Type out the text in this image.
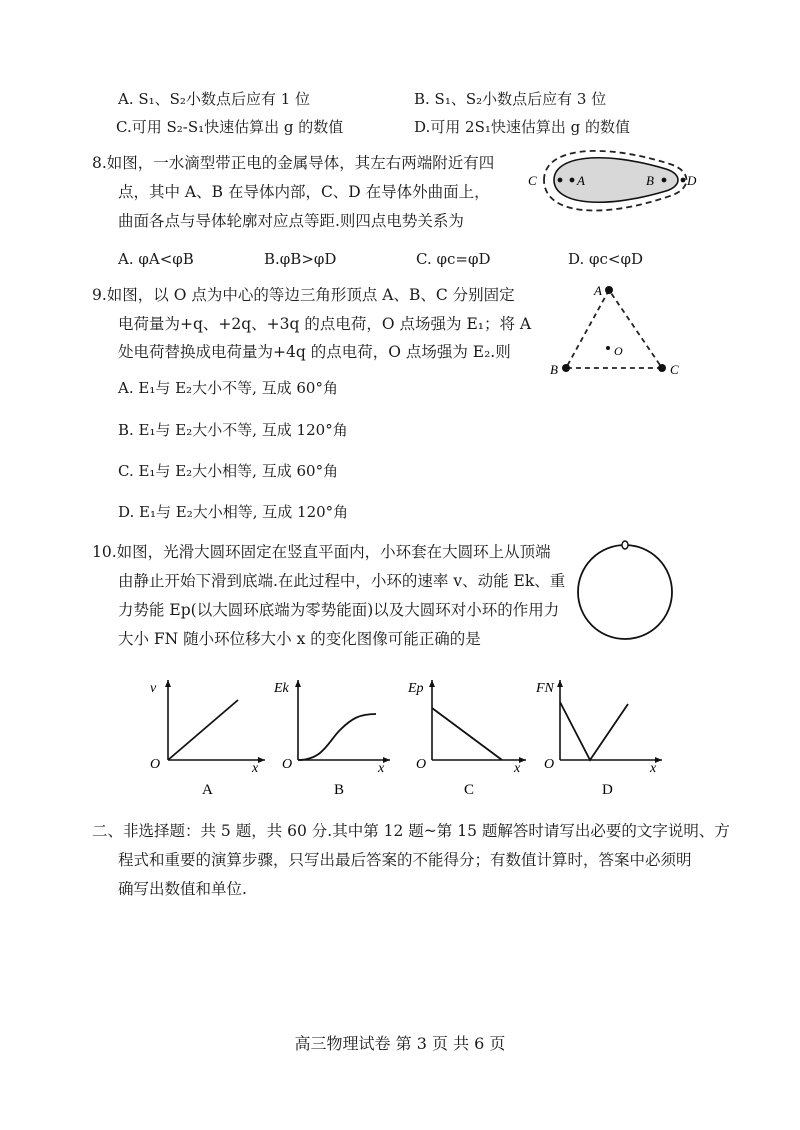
A. S₁、S₂小数点后应有 1 位	B. S₁、S₂小数点后应有 3 位
C.可用 S₂-S₁快速估算出 g 的数值	D.可用 2S₁快速估算出 g 的数值
8.如图，一水滴型带正电的金属导体，其左右两端附近有四
点，其中 A、B 在导体内部，C、D 在导体外曲面上，
曲面各点与导体轮廓对应点等距.则四点电势关系为
C	A	B	D
A. φA<φB	B.φB>φD	C. φc=φD	D. φc<φD
9.如图，以 O 点为中心的等边三角形顶点 A、B、C 分别固定
电荷量为+q、+2q、+3q 的点电荷，O 点场强为 E₁；将 A
处电荷替换成电荷量为+4q 的点电荷，O 点场强为 E₂.则
A
B	C
O
A. E₁与 E₂大小不等, 互成 60°角
B. E₁与 E₂大小不等, 互成 120°角
C. E₁与 E₂大小相等, 互成 60°角
D. E₁与 E₂大小相等, 互成 120°角
10.如图，光滑大圆环固定在竖直平面内，小环套在大圆环上从顶端
由静止开始下滑到底端.在此过程中，小环的速率 v、动能 Ek、重
力势能 Ep(以大圆环底端为零势能面)以及大圆环对小环的作用力
大小 FN 随小环位移大小 x 的变化图像可能正确的是
v
O	x
A
Ek
O	x
B
Ep
O	x
C
FN
O	x
D
二、非选择题：共 5 题，共 60 分.其中第 12 题~第 15 题解答时请写出必要的文字说明、方
程式和重要的演算步骤，只写出最后答案的不能得分；有数值计算时，答案中必须明
确写出数值和单位.
高三物理试卷 第 3 页 共 6 页
